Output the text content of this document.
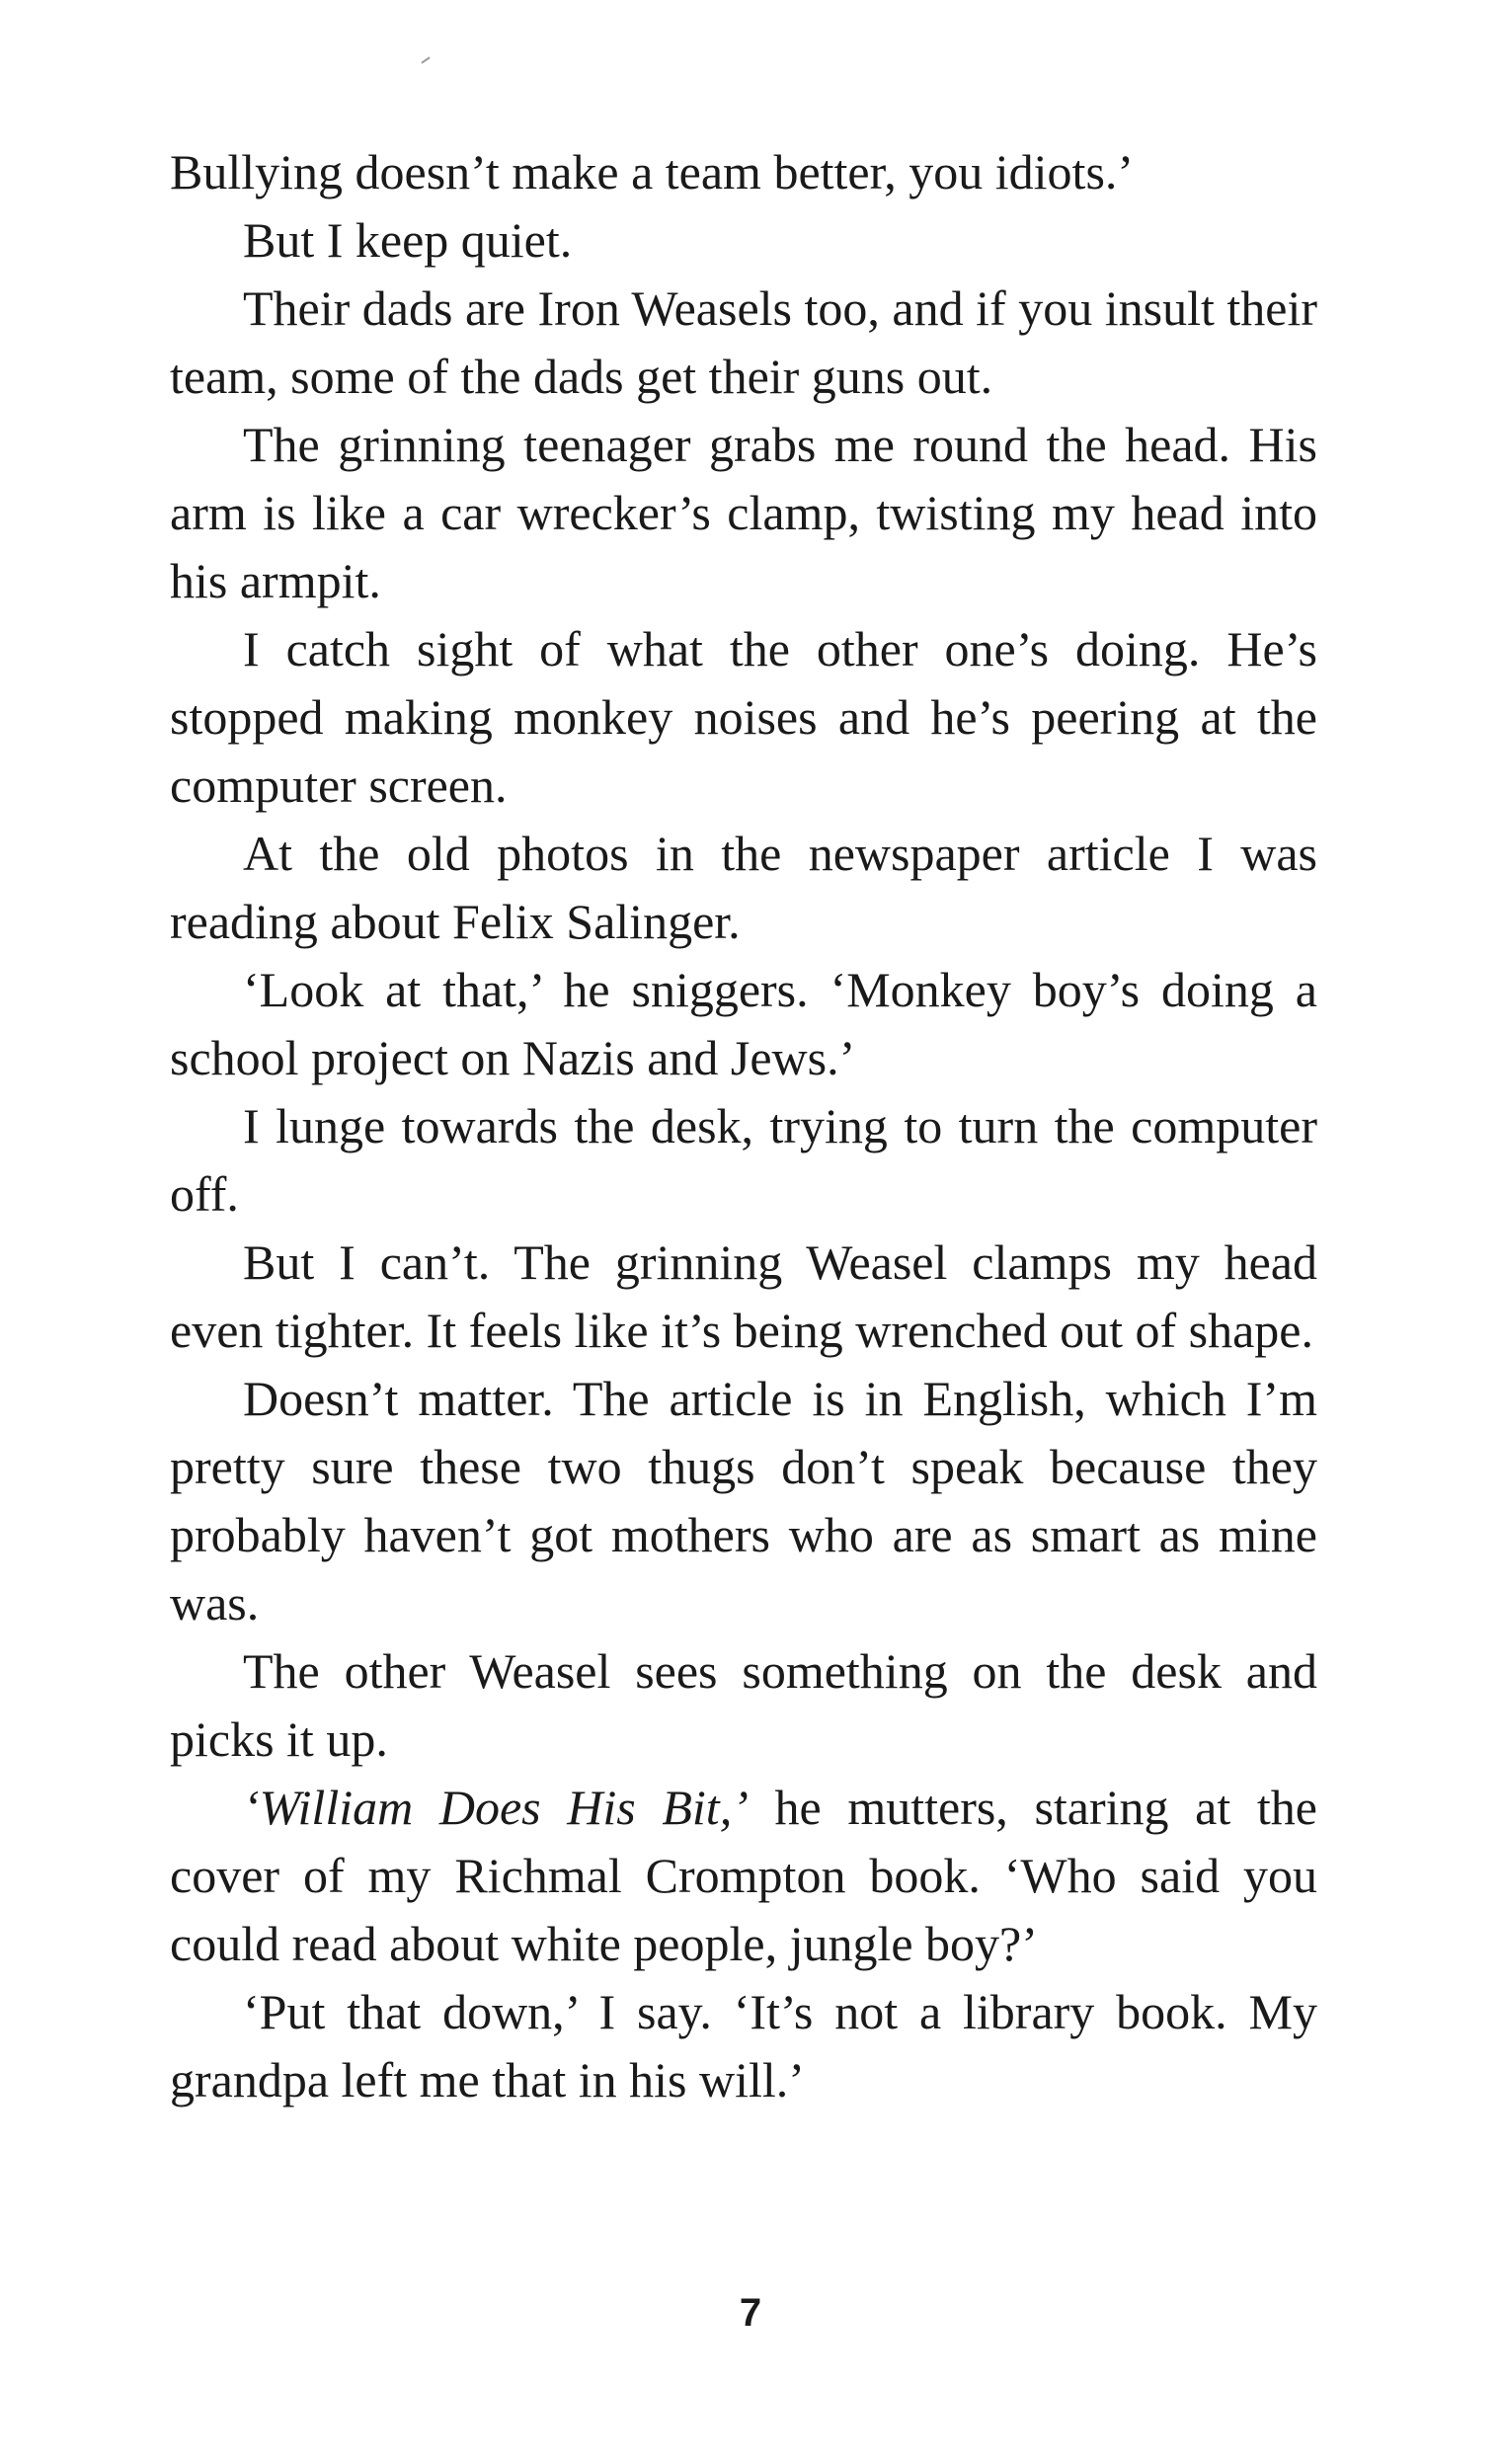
Bullying doesn’t make a team better, you idiots.’

But I keep quiet.

Their dads are Iron Weasels too, and if you insult their team, some of the dads get their guns out.

The grinning teenager grabs me round the head. His arm is like a car wrecker’s clamp, twisting my head into his armpit.

I catch sight of what the other one’s doing. He’s stopped making monkey noises and he’s peering at the computer screen.

At the old photos in the newspaper article I was reading about Felix Salinger.

‘Look at that,’ he sniggers. ‘Monkey boy’s doing a school project on Nazis and Jews.’

I lunge towards the desk, trying to turn the computer off.

But I can’t. The grinning Weasel clamps my head even tighter. It feels like it’s being wrenched out of shape.

Doesn’t matter. The article is in English, which I’m pretty sure these two thugs don’t speak because they probably haven’t got mothers who are as smart as mine was.

The other Weasel sees something on the desk and picks it up.

‘William Does His Bit,’ he mutters, staring at the cover of my Richmal Crompton book. ‘Who said you could read about white people, jungle boy?’

‘Put that down,’ I say. ‘It’s not a library book. My grandpa left me that in his will.’

7
